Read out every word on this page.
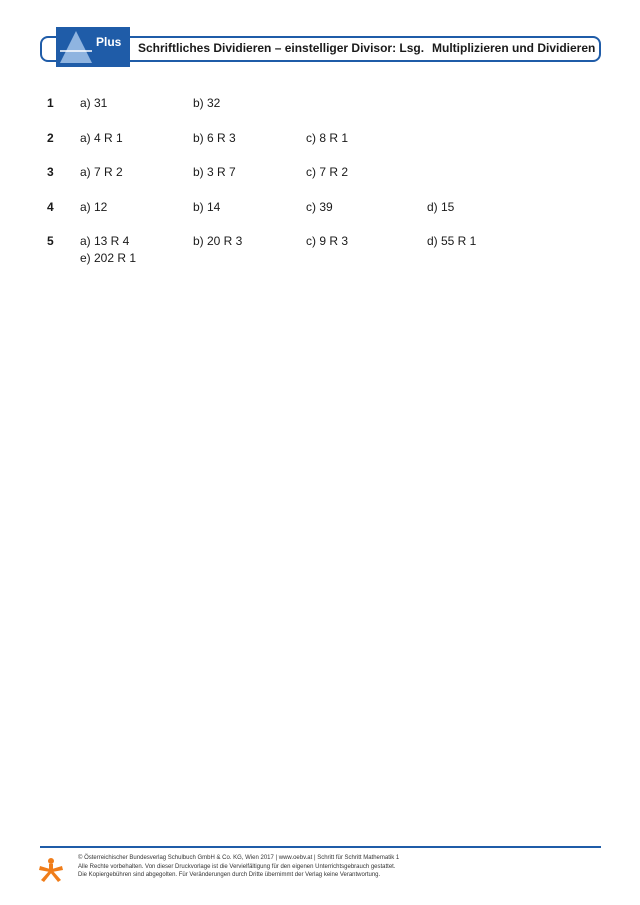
Plus Schriftliches Dividieren – einstelliger Divisor: Lsg. Multiplizieren und Dividieren
1 a) 31	b) 32
2 a) 4 R 1	b) 6 R 3	c) 8 R 1
3 a) 7 R 2	b) 3 R 7	c) 7 R 2
4 a) 12	b) 14	c) 39	d) 15
5 a) 13 R 4	b) 20 R 3	c) 9 R 3	d) 55 R 1
e) 202 R 1
© Österreichischer Bundesverlag Schulbuch GmbH & Co. KG, Wien 2017 | www.oebv.at | Schritt für Schritt Mathematik 1
Alle Rechte vorbehalten. Von dieser Druckvorlage ist die Vervielfältigung für den eigenen Unterrichtsgebrauch gestattet.
Die Kopiergebühren sind abgegolten. Für Veränderungen durch Dritte übernimmt der Verlag keine Verantwortung.
